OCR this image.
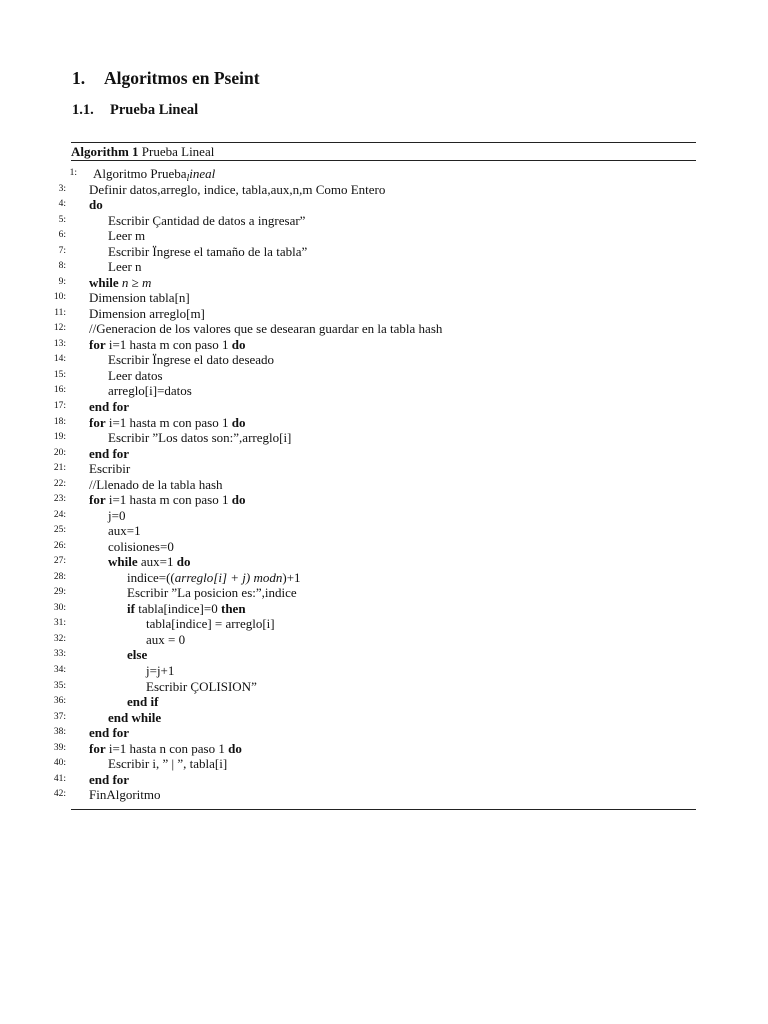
1. Algoritmos en Pseint
1.1. Prueba Lineal
Algorithm 1 Prueba Lineal
1: Algoritmo Prueba$_l$ineal
3: Definir datos,arreglo, indice, tabla,aux,n,m Como Entero
4: do
5:	Escribir Çantidad de datos a ingresar”
6:	Leer m
7:	Escribir Ïngrese el tamaño de la tabla”
8:	Leer n
9: while n ≥ m
10: Dimension tabla[n]
11: Dimension arreglo[m]
12: //Generacion de los valores que se desearan guardar en la tabla hash
13: for i=1 hasta m con paso 1 do
14:	Escribir Ïngrese el dato deseado
15:	Leer datos
16:	arreglo[i]=datos
17: end for
18: for i=1 hasta m con paso 1 do
19:	Escribir ”Los datos son:”,arreglo[i]
20: end for
21: Escribir
22: //Llenado de la tabla hash
23: for i=1 hasta m con paso 1 do
24:	j=0
25:	aux=1
26:	colisiones=0
27:	while aux=1 do
28:	indice=((arreglo[i] + j) modn)+1
29:	Escribir ”La posicion es:”,indice
30:	if tabla[indice]=0 then
31:	tabla[indice] = arreglo[i]
32:	aux = 0
33:	else
34:	j=j+1
35:	Escribir ÇOLISION”
36:	end if
37:	end while
38: end for
39: for i=1 hasta n con paso 1 do
40:	Escribir i, ” | ”, tabla[i]
41: end for
42: FinAlgoritmo
